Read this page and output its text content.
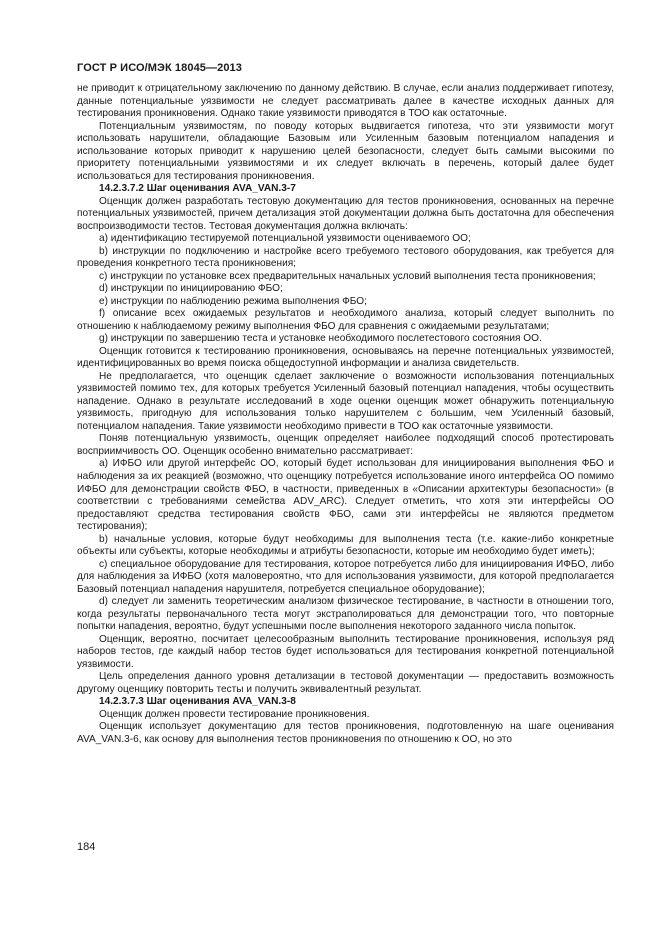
ГОСТ Р ИСО/МЭК 18045—2013

не приводит к отрицательному заключению по данному действию. В случае, если анализ поддерживает гипотезу, данные потенциальные уязвимости не следует рассматривать далее в качестве исходных данных для тестирования проникновения. Однако такие уязвимости приводятся в ТОО как остаточные.

Потенциальным уязвимостям, по поводу которых выдвигается гипотеза, что эти уязвимости могут использовать нарушители, обладающие Базовым или Усиленным базовым потенциалом нападения и использование которых приводит к нарушению целей безопасности, следует быть самыми высокими по приоритету потенциальными уязвимостями и их следует включать в перечень, который далее будет использоваться для тестирования проникновения.

14.2.3.7.2 Шаг оценивания AVA_VAN.3-7

Оценщик должен разработать тестовую документацию для тестов проникновения, основанных на перечне потенциальных уязвимостей, причем детализация этой документации должна быть достаточна для обеспечения воспроизводимости тестов. Тестовая документация должна включать:

a) идентификацию тестируемой потенциальной уязвимости оцениваемого ОО;

b) инструкции по подключению и настройке всего требуемого тестового оборудования, как требуется для проведения конкретного теста проникновения;

c) инструкции по установке всех предварительных начальных условий выполнения теста проникновения;

d) инструкции по инициированию ФБО;

e) инструкции по наблюдению режима выполнения ФБО;

f) описание всех ожидаемых результатов и необходимого анализа, который следует выполнить по отношению к наблюдаемому режиму выполнения ФБО для сравнения с ожидаемыми результатами;

g) инструкции по завершению теста и установке необходимого послетестового состояния ОО.

Оценщик готовится к тестированию проникновения, основываясь на перечне потенциальных уязвимостей, идентифицированных во время поиска общедоступной информации и анализа свидетельств.

Не предполагается, что оценщик сделает заключение о возможности использования потенциальных уязвимостей помимо тех, для которых требуется Усиленный базовый потенциал нападения, чтобы осуществить нападение. Однако в результате исследований в ходе оценки оценщик может обнаружить потенциальную уязвимость, пригодную для использования только нарушителем с большим, чем Усиленный базовый, потенциалом нападения. Такие уязвимости необходимо привести в ТОО как остаточные уязвимости.

Поняв потенциальную уязвимость, оценщик определяет наиболее подходящий способ протестировать восприимчивость ОО. Оценщик особенно внимательно рассматривает:

a) ИФБО или другой интерфейс ОО, который будет использован для инициирования выполнения ФБО и наблюдения за их реакцией (возможно, что оценщику потребуется использование иного интерфейса ОО помимо ИФБО для демонстрации свойств ФБО, в частности, приведенных в «Описании архитектуры безопасности» (в соответствии с требованиями семейства ADV_ARC). Следует отметить, что хотя эти интерфейсы ОО предоставляют средства тестирования свойств ФБО, сами эти интерфейсы не являются предметом тестирования);

b) начальные условия, которые будут необходимы для выполнения теста (т.е. какие-либо конкретные объекты или субъекты, которые необходимы и атрибуты безопасности, которые им необходимо будет иметь);

c) специальное оборудование для тестирования, которое потребуется либо для инициирования ИФБО, либо для наблюдения за ИФБО (хотя маловероятно, что для использования уязвимости, для которой предполагается Базовый потенциал нападения нарушителя, потребуется специальное оборудование);

d) следует ли заменить теоретическим анализом физическое тестирование, в частности в отношении того, когда результаты первоначального теста могут экстраполироваться для демонстрации того, что повторные попытки нападения, вероятно, будут успешными после выполнения некоторого заданного числа попыток.

Оценщик, вероятно, посчитает целесообразным выполнить тестирование проникновения, используя ряд наборов тестов, где каждый набор тестов будет использоваться для тестирования конкретной потенциальной уязвимости.

Цель определения данного уровня детализации в тестовой документации — предоставить возможность другому оценщику повторить тесты и получить эквивалентный результат.

14.2.3.7.3 Шаг оценивания AVA_VAN.3-8

Оценщик должен провести тестирование проникновения.

Оценщик использует документацию для тестов проникновения, подготовленную на шаге оценивания AVA_VAN.3-6, как основу для выполнения тестов проникновения по отношению к ОО, но это

184
